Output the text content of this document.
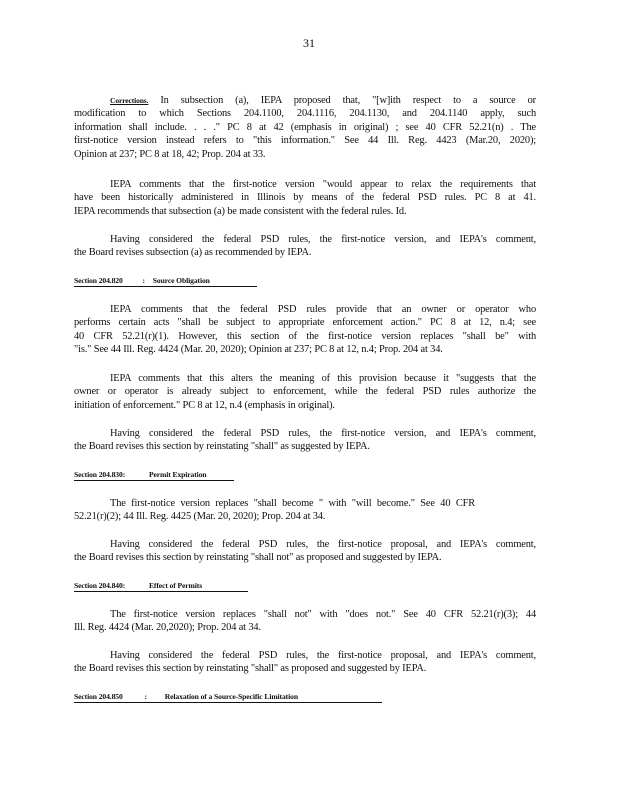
31
Corrections. In subsection (a), IEPA proposed that, "[w]ith respect to a source or
modification to which Sections 204.1100, 204.1116, 204.1130, and 204.1140 apply, such
information shall include. . . ." PC 8 at 42 (emphasis in original) ; see 40 CFR 52.21(n) . The
first-notice version instead refers to "this information." See 44 Ill. Reg. 4423 (Mar.20, 2020);
Opinion at 237; PC 8 at 18, 42; Prop. 204 at 33.
IEPA comments that the first-notice version "would appear to relax the requirements that
have been historically administered in Illinois by means of the federal PSD rules. PC 8 at 41.
IEPA recommends that subsection (a) be made consistent with the federal rules. Id.
Having considered the federal PSD rules, the first-notice version, and IEPA's comment,
the Board revises subsection (a) as recommended by IEPA.
Section 204.820	: Source Obligation
IEPA comments that the federal PSD rules provide that an owner or operator who
performs certain acts "shall be subject to appropriate enforcement action." PC 8 at 12, n.4; see
40 CFR 52.21(r)(1). However, this section of the first-notice version replaces "shall be" with
"is." See 44 Ill. Reg. 4424 (Mar. 20, 2020); Opinion at 237; PC 8 at 12, n.4; Prop. 204 at 34.
IEPA comments that this alters the meaning of this provision because it "suggests that the
owner or operator is already subject to enforcement, while the federal PSD rules authorize the
initiation of enforcement." PC 8 at 12, n.4 (emphasis in original).
Having considered the federal PSD rules, the first-notice version, and IEPA's comment,
the Board revises this section by reinstating "shall" as suggested by IEPA.
Section 204.830:	Permit Expiration
The first-notice version replaces "shall become " with "will become." See 40 CFR
52.21(r)(2); 44 Ill. Reg. 4425 (Mar. 20, 2020); Prop. 204 at 34.
Having considered the federal PSD rules, the first-notice proposal, and IEPA's comment,
the Board revises this section by reinstating "shall not" as proposed and suggested by IEPA.
Section 204.840:	Effect of Permits
The first-notice version replaces "shall not" with "does not." See 40 CFR 52.21(r)(3); 44
Ill. Reg. 4424 (Mar. 20,2020); Prop. 204 at 34.
Having considered the federal PSD rules, the first-notice proposal, and IEPA's comment,
the Board revises this section by reinstating "shall" as proposed and suggested by IEPA.
Section 204.850	: Relaxation of a Source-Specific Limitation
